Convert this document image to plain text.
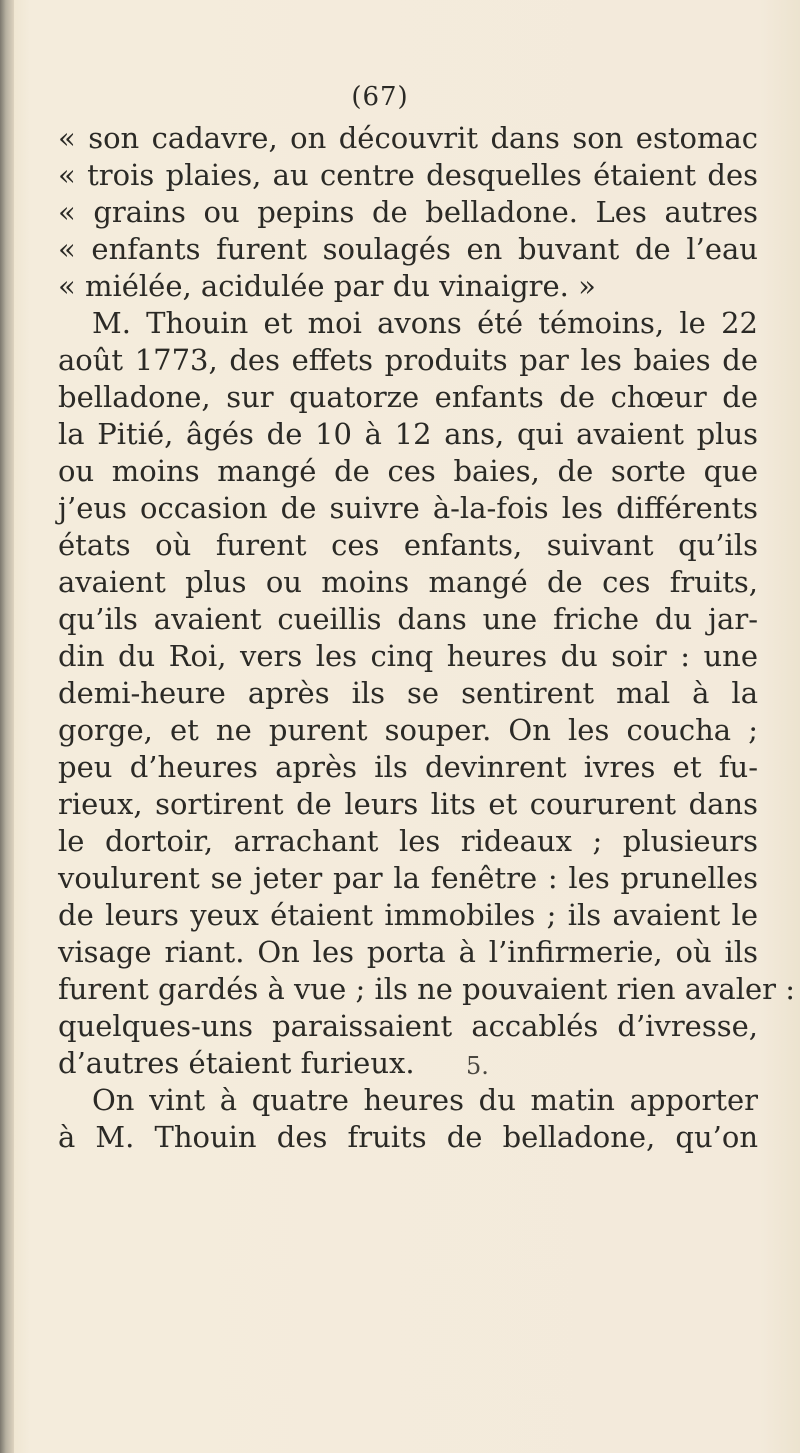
(67)
« son cadavre, on découvrit dans son estomac
« trois plaies, au centre desquelles étaient des
« grains ou pepins de belladone. Les autres
« enfants furent soulagés en buvant de l’eau
« miélée, acidulée par du vinaigre. »
M. Thouin et moi avons été témoins, le 22
août 1773, des effets produits par les baies de
belladone, sur quatorze enfants de chœur de
la Pitié, âgés de 10 à 12 ans, qui avaient plus
ou moins mangé de ces baies, de sorte que
j’eus occasion de suivre à-la-fois les différents
états où furent ces enfants, suivant qu’ils
avaient plus ou moins mangé de ces fruits,
qu’ils avaient cueillis dans une friche du jar-
din du Roi, vers les cinq heures du soir : une
demi-heure après ils se sentirent mal à la
gorge, et ne purent souper. On les coucha ;
peu d’heures après ils devinrent ivres et fu-
rieux, sortirent de leurs lits et coururent dans
le dortoir, arrachant les rideaux ; plusieurs
voulurent se jeter par la fenêtre : les prunelles
de leurs yeux étaient immobiles ; ils avaient le
visage riant. On les porta à l’infirmerie, où ils
furent gardés à vue ; ils ne pouvaient rien avaler :
quelques-uns paraissaient accablés d’ivresse,
d’autres étaient furieux.
On vint à quatre heures du matin apporter
à M. Thouin des fruits de belladone, qu’on
5.
